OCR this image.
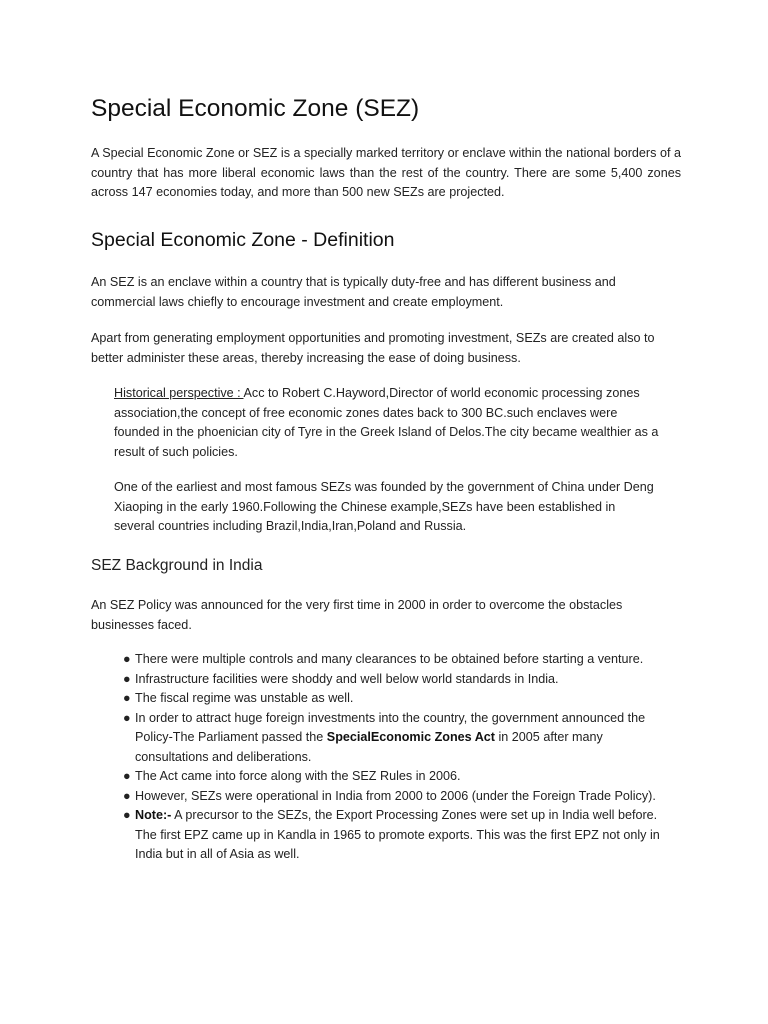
Special Economic Zone (SEZ)

A Special Economic Zone or SEZ is a specially marked territory or enclave within the national borders of a country that has more liberal economic laws than the rest of the country. There are some 5,400 zones across 147 economies today, and more than 500 new SEZs are projected.

Special Economic Zone - Definition

An SEZ is an enclave within a country that is typically duty-free and has different business and commercial laws chiefly to encourage investment and create employment.

Apart from generating employment opportunities and promoting investment, SEZs are created also to better administer these areas, thereby increasing the ease of doing business.

Historical perspective : Acc to Robert C.Hayword,Director of world economic processing zones association,the concept of free economic zones dates back to 300 BC.such enclaves were founded in the phoenician city of Tyre in the Greek Island of Delos.The city became wealthier as a result of such policies.

One of the earliest and most famous SEZs was founded by the government of China under Deng Xiaoping in the early 1960.Following the Chinese example,SEZs have been established in several countries including Brazil,India,Iran,Poland and Russia.

SEZ Background in India

An SEZ Policy was announced for the very first time in 2000 in order to overcome the obstacles businesses faced.

● There were multiple controls and many clearances to be obtained before starting a venture.
● Infrastructure facilities were shoddy and well below world standards in India.
● The fiscal regime was unstable as well.
● In order to attract huge foreign investments into the country, the government announced the Policy-The Parliament passed the SpecialEconomic Zones Act in 2005 after many consultations and deliberations.
● The Act came into force along with the SEZ Rules in 2006.
● However, SEZs were operational in India from 2000 to 2006 (under the Foreign Trade Policy).
● Note:- A precursor to the SEZs, the Export Processing Zones were set up in India well before. The first EPZ came up in Kandla in 1965 to promote exports. This was the first EPZ not only in India but in all of Asia as well.
